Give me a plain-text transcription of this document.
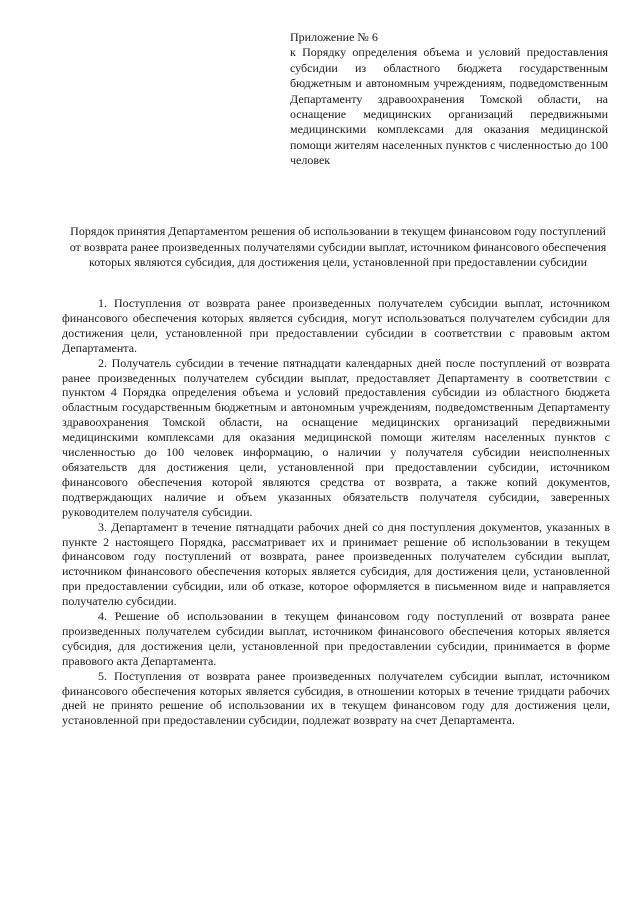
Приложение № 6

к Порядку определения объема и условий предоставления субсидии из областного бюджета государственным бюджетным и автономным учреждениям, подведомственным Департаменту здравоохранения Томской области, на оснащение медицинских организаций передвижными медицинскими комплексами для оказания медицинской помощи жителям населенных пунктов с численностью до 100 человек

Порядок принятия Департаментом решения об использовании в текущем финансовом году поступлений от возврата ранее произведенных получателями субсидии выплат, источником финансового обеспечения которых являются субсидия, для достижения цели, установленной при предоставлении субсидии

1. Поступления от возврата ранее произведенных получателем субсидии выплат, источником финансового обеспечения которых является субсидия, могут использоваться получателем субсидии для достижения цели, установленной при предоставлении субсидии в соответствии с правовым актом Департамента.

2. Получатель субсидии в течение пятнадцати календарных дней после поступлений от возврата ранее произведенных получателем субсидии выплат, предоставляет Департаменту в соответствии с пунктом 4 Порядка определения объема и условий предоставления субсидии из областного бюджета областным государственным бюджетным и автономным учреждениям, подведомственным Департаменту здравоохранения Томской области, на оснащение медицинских организаций передвижными медицинскими комплексами для оказания медицинской помощи жителям населенных пунктов с численностью до 100 человек информацию, о наличии у получателя субсидии неисполненных обязательств для достижения цели, установленной при предоставлении субсидии, источником финансового обеспечения которой являются средства от возврата, а также копий документов, подтверждающих наличие и объем указанных обязательств получателя субсидии, заверенных руководителем получателя субсидии.

3. Департамент в течение пятнадцати рабочих дней со дня поступления документов, указанных в пункте 2 настоящего Порядка, рассматривает их и принимает решение об использовании в текущем финансовом году поступлений от возврата, ранее произведенных получателем субсидии выплат, источником финансового обеспечения которых является субсидия, для достижения цели, установленной при предоставлении субсидии, или об отказе, которое оформляется в письменном виде и направляется получателю субсидии.

4. Решение об использовании в текущем финансовом году поступлений от возврата ранее произведенных получателем субсидии выплат, источником финансового обеспечения которых является субсидия, для достижения цели, установленной при предоставлении субсидии, принимается в форме правового акта Департамента.

5. Поступления от возврата ранее произведенных получателем субсидии выплат, источником финансового обеспечения которых является субсидия, в отношении которых в течение тридцати рабочих дней не принято решение об использовании их в текущем финансовом году для достижения цели, установленной при предоставлении субсидии, подлежат возврату на счет Департамента.
